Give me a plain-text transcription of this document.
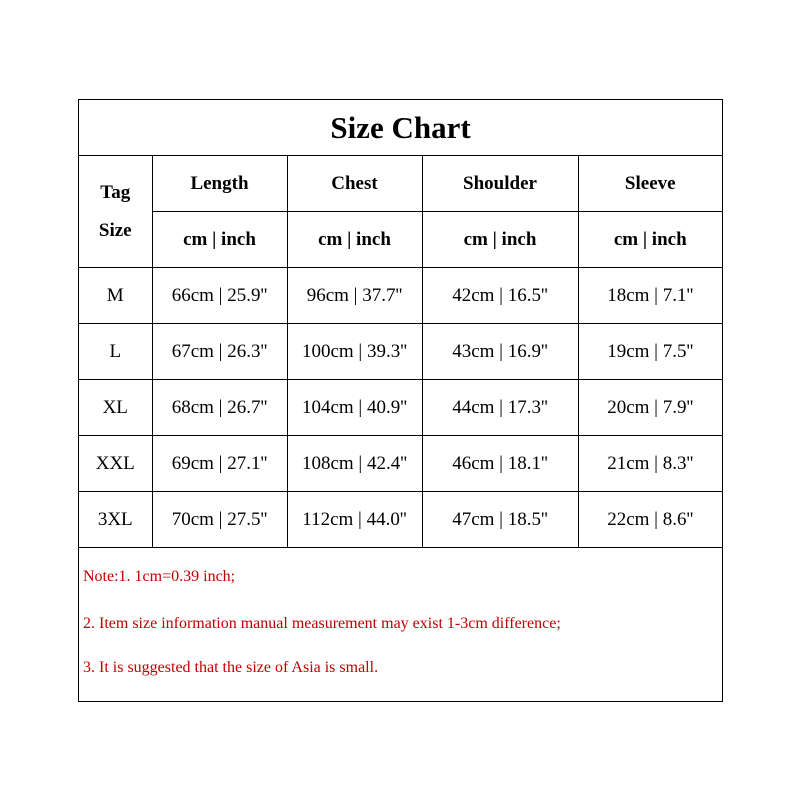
Size Chart
Tag
Size	Length	Chest	Shoulder	Sleeve
	cm | inch	cm | inch	cm | inch	cm | inch
M	66cm | 25.9''	96cm | 37.7''	42cm | 16.5''	18cm | 7.1''
L	67cm | 26.3''	100cm | 39.3''	43cm | 16.9''	19cm | 7.5''
XL	68cm | 26.7''	104cm | 40.9''	44cm | 17.3''	20cm | 7.9''
XXL	69cm | 27.1''	108cm | 42.4''	46cm | 18.1''	21cm | 8.3''
3XL	70cm | 27.5''	112cm | 44.0''	47cm | 18.5''	22cm | 8.6''
Note:1. 1cm=0.39 inch;
2. Item size information manual measurement may exist 1-3cm difference;
3. It is suggested that the size of Asia is small.
